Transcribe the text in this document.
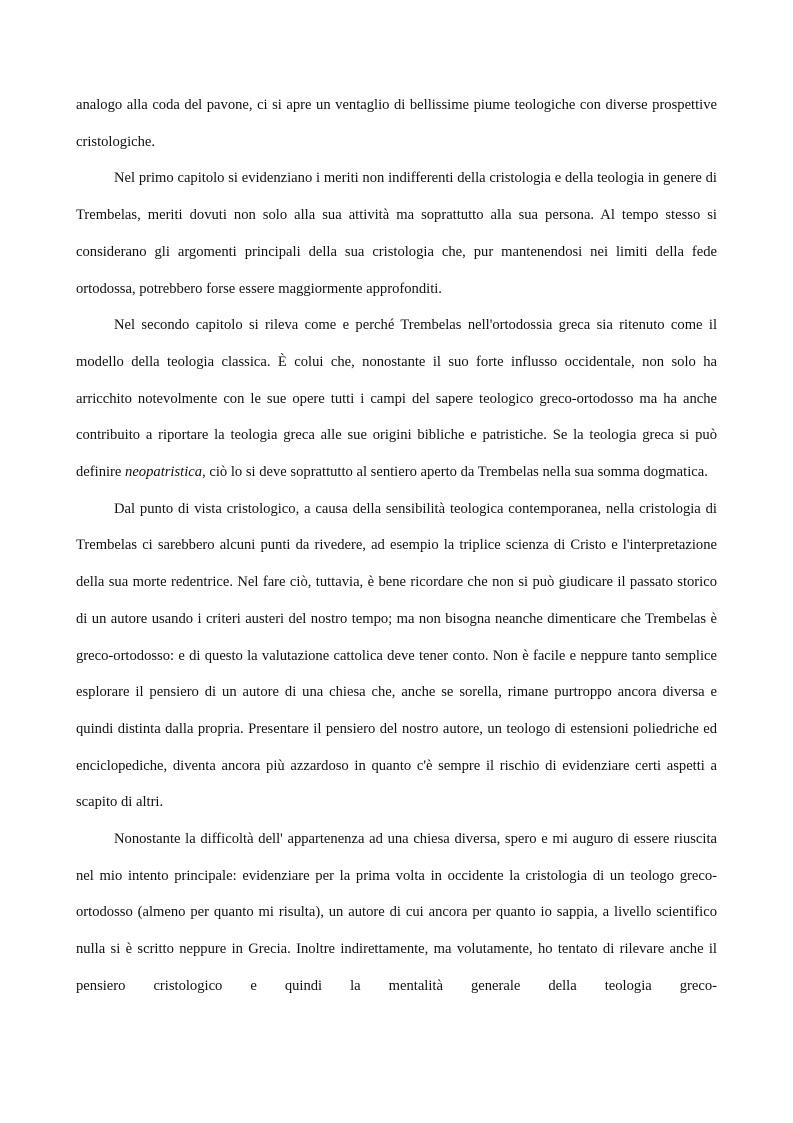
analogo alla coda del pavone, ci si apre un ventaglio di bellissime piume teologiche con diverse prospettive cristologiche.

Nel primo capitolo si evidenziano i meriti non indifferenti della cristologia e della teologia in genere di Trembelas, meriti dovuti non solo alla sua attività ma soprattutto alla sua persona. Al tempo stesso si considerano gli argomenti principali della sua cristologia che, pur mantenendosi nei limiti della fede ortodossa, potrebbero forse essere maggiormente approfonditi.

Nel secondo capitolo si rileva come e perché Trembelas nell'ortodossia greca sia ritenuto come il modello della teologia classica. È colui che, nonostante il suo forte influsso occidentale, non solo ha arricchito notevolmente con le sue opere tutti i campi del sapere teologico greco-ortodosso ma ha anche contribuito a riportare la teologia greca alle sue origini bibliche e patristiche. Se la teologia greca si può definire neopatristica, ciò lo si deve soprattutto al sentiero aperto da Trembelas nella sua somma dogmatica.

Dal punto di vista cristologico, a causa della sensibilità teologica contemporanea, nella cristologia di Trembelas ci sarebbero alcuni punti da rivedere, ad esempio la triplice scienza di Cristo e l'interpretazione della sua morte redentrice. Nel fare ciò, tuttavia, è bene ricordare che non si può giudicare il passato storico di un autore usando i criteri austeri del nostro tempo; ma non bisogna neanche dimenticare che Trembelas è greco-ortodosso: e di questo la valutazione cattolica deve tener conto. Non è facile e neppure tanto semplice esplorare il pensiero di un autore di una chiesa che, anche se sorella, rimane purtroppo ancora diversa e quindi distinta dalla propria. Presentare il pensiero del nostro autore, un teologo di estensioni poliedriche ed enciclopediche, diventa ancora più azzardoso in quanto c'è sempre il rischio di evidenziare certi aspetti a scapito di altri.

Nonostante la difficoltà dell' appartenenza ad una chiesa diversa, spero e mi auguro di essere riuscita nel mio intento principale: evidenziare per la prima volta in occidente la cristologia di un teologo greco-ortodosso (almeno per quanto mi risulta), un autore di cui ancora per quanto io sappia, a livello scientifico nulla si è scritto neppure in Grecia. Inoltre indirettamente, ma volutamente, ho tentato di rilevare anche il pensiero cristologico e quindi la mentalità generale della teologia greco-
